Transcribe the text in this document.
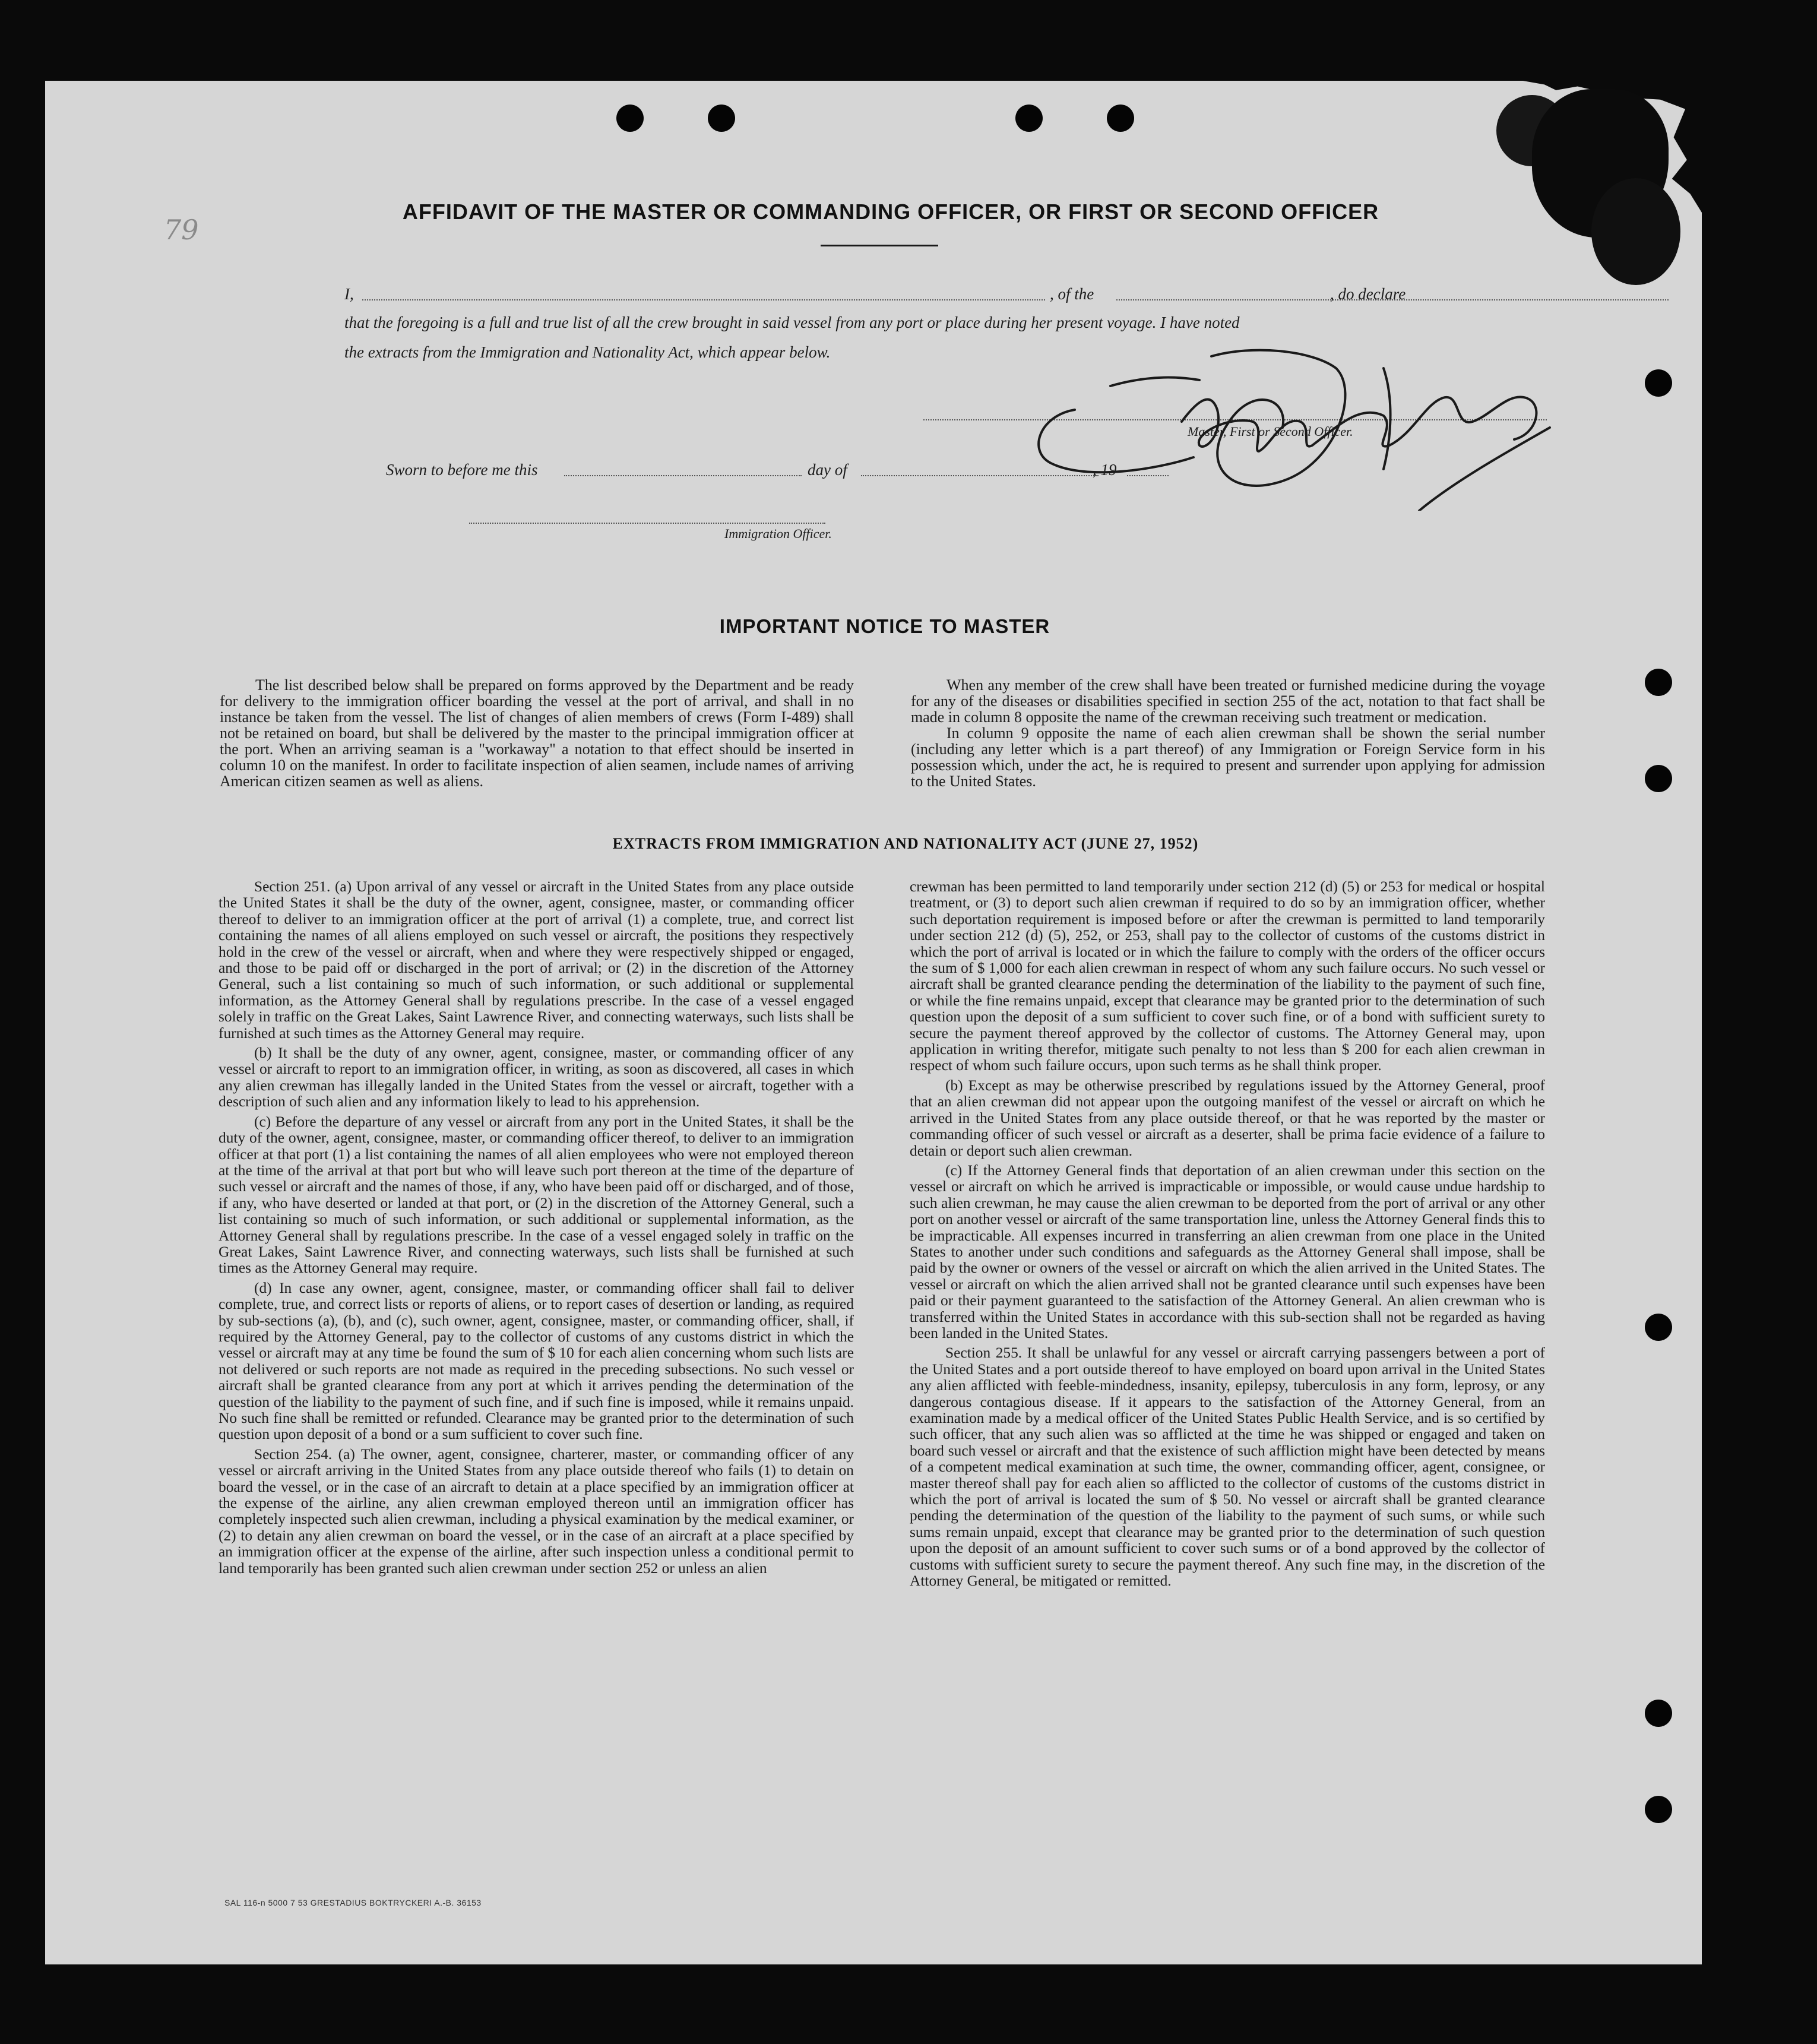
79
AFFIDAVIT OF THE MASTER OR COMMANDING OFFICER, OR FIRST OR SECOND OFFICER
I,	, of the	, do declare
that the foregoing is a full and true list of all the crew brought in said vessel from any port or place during her present voyage. I have noted
the extracts from the Immigration and Nationality Act, which appear below.
Master, First or Second Officer.
Sworn to before me this	day of	, 19
Immigration Officer.
IMPORTANT NOTICE TO MASTER

The list described below shall be prepared on forms approved by the Department and be ready for delivery to the immigration officer boarding the vessel at the port of arrival, and shall in no instance be taken from the vessel. The list of changes of alien members of crews (Form I-489) shall not be retained on board, but shall be delivered by the master to the principal immigration officer at the port. When an arriving seaman is a "workaway" a notation to that effect should be inserted in column 10 on the manifest. In order to facilitate inspection of alien seamen, include names of arriving American citizen seamen as well as aliens.

When any member of the crew shall have been treated or furnished medicine during the voyage for any of the diseases or disabilities specified in section 255 of the act, notation to that fact shall be made in column 8 opposite the name of the crewman receiving such treatment or medication.

In column 9 opposite the name of each alien crewman shall be shown the serial number (including any letter which is a part thereof) of any Immigration or Foreign Service form in his possession which, under the act, he is required to present and surrender upon applying for admission to the United States.

EXTRACTS FROM IMMIGRATION AND NATIONALITY ACT (JUNE 27, 1952)

Section 251. (a) Upon arrival of any vessel or aircraft in the United States from any place outside the United States it shall be the duty of the owner, agent, consignee, master, or commanding officer thereof to deliver to an immigration officer at the port of arrival (1) a complete, true, and correct list containing the names of all aliens employed on such vessel or aircraft, the positions they respectively hold in the crew of the vessel or aircraft, when and where they were respectively shipped or engaged, and those to be paid off or discharged in the port of arrival; or (2) in the discretion of the Attorney General, such a list containing so much of such information, or such additional or supplemental information, as the Attorney General shall by regulations prescribe. In the case of a vessel engaged solely in traffic on the Great Lakes, Saint Lawrence River, and connecting waterways, such lists shall be furnished at such times as the Attorney General may require.

(b) It shall be the duty of any owner, agent, consignee, master, or commanding officer of any vessel or aircraft to report to an immigration officer, in writing, as soon as discovered, all cases in which any alien crewman has illegally landed in the United States from the vessel or aircraft, together with a description of such alien and any information likely to lead to his apprehension.

(c) Before the departure of any vessel or aircraft from any port in the United States, it shall be the duty of the owner, agent, consignee, master, or commanding officer thereof, to deliver to an immigration officer at that port (1) a list containing the names of all alien employees who were not employed thereon at the time of the arrival at that port but who will leave such port thereon at the time of the departure of such vessel or aircraft and the names of those, if any, who have been paid off or discharged, and of those, if any, who have deserted or landed at that port, or (2) in the discretion of the Attorney General, such a list containing so much of such information, or such additional or supplemental information, as the Attorney General shall by regulations prescribe. In the case of a vessel engaged solely in traffic on the Great Lakes, Saint Lawrence River, and connecting waterways, such lists shall be furnished at such times as the Attorney General may require.

(d) In case any owner, agent, consignee, master, or commanding officer shall fail to deliver complete, true, and correct lists or reports of aliens, or to report cases of desertion or landing, as required by sub-sections (a), (b), and (c), such owner, agent, consignee, master, or commanding officer, shall, if required by the Attorney General, pay to the collector of customs of any customs district in which the vessel or aircraft may at any time be found the sum of $ 10 for each alien concerning whom such lists are not delivered or such reports are not made as required in the preceding subsections. No such vessel or aircraft shall be granted clearance from any port at which it arrives pending the determination of the question of the liability to the payment of such fine, and if such fine is imposed, while it remains unpaid. No such fine shall be remitted or refunded. Clearance may be granted prior to the determination of such question upon deposit of a bond or a sum sufficient to cover such fine.

Section 254. (a) The owner, agent, consignee, charterer, master, or commanding officer of any vessel or aircraft arriving in the United States from any place outside thereof who fails (1) to detain on board the vessel, or in the case of an aircraft to detain at a place specified by an immigration officer at the expense of the airline, any alien crewman employed thereon until an immigration officer has completely inspected such alien crewman, including a physical examination by the medical examiner, or (2) to detain any alien crewman on board the vessel, or in the case of an aircraft at a place specified by an immigration officer at the expense of the airline, after such inspection unless a conditional permit to land temporarily has been granted such alien crewman under section 252 or unless an alien

crewman has been permitted to land temporarily under section 212 (d) (5) or 253 for medical or hospital treatment, or (3) to deport such alien crewman if required to do so by an immigration officer, whether such deportation requirement is imposed before or after the crewman is permitted to land temporarily under section 212 (d) (5), 252, or 253, shall pay to the collector of customs of the customs district in which the port of arrival is located or in which the failure to comply with the orders of the officer occurs the sum of $ 1,000 for each alien crewman in respect of whom any such failure occurs. No such vessel or aircraft shall be granted clearance pending the determination of the liability to the payment of such fine, or while the fine remains unpaid, except that clearance may be granted prior to the determination of such question upon the deposit of a sum sufficient to cover such fine, or of a bond with sufficient surety to secure the payment thereof approved by the collector of customs. The Attorney General may, upon application in writing therefor, mitigate such penalty to not less than $ 200 for each alien crewman in respect of whom such failure occurs, upon such terms as he shall think proper.

(b) Except as may be otherwise prescribed by regulations issued by the Attorney General, proof that an alien crewman did not appear upon the outgoing manifest of the vessel or aircraft on which he arrived in the United States from any place outside thereof, or that he was reported by the master or commanding officer of such vessel or aircraft as a deserter, shall be prima facie evidence of a failure to detain or deport such alien crewman.

(c) If the Attorney General finds that deportation of an alien crewman under this section on the vessel or aircraft on which he arrived is impracticable or impossible, or would cause undue hardship to such alien crewman, he may cause the alien crewman to be deported from the port of arrival or any other port on another vessel or aircraft of the same transportation line, unless the Attorney General finds this to be impracticable. All expenses incurred in transferring an alien crewman from one place in the United States to another under such conditions and safeguards as the Attorney General shall impose, shall be paid by the owner or owners of the vessel or aircraft on which the alien arrived in the United States. The vessel or aircraft on which the alien arrived shall not be granted clearance until such expenses have been paid or their payment guaranteed to the satisfaction of the Attorney General. An alien crewman who is transferred within the United States in accordance with this sub-section shall not be regarded as having been landed in the United States.

Section 255. It shall be unlawful for any vessel or aircraft carrying passengers between a port of the United States and a port outside thereof to have employed on board upon arrival in the United States any alien afflicted with feeble-mindedness, insanity, epilepsy, tuberculosis in any form, leprosy, or any dangerous contagious disease. If it appears to the satisfaction of the Attorney General, from an examination made by a medical officer of the United States Public Health Service, and is so certified by such officer, that any such alien was so afflicted at the time he was shipped or engaged and taken on board such vessel or aircraft and that the existence of such affliction might have been detected by means of a competent medical examination at such time, the owner, commanding officer, agent, consignee, or master thereof shall pay for each alien so afflicted to the collector of customs of the customs district in which the port of arrival is located the sum of $ 50. No vessel or aircraft shall be granted clearance pending the determination of the question of the liability to the payment of such sums, or while such sums remain unpaid, except that clearance may be granted prior to the determination of such question upon the deposit of an amount sufficient to cover such sums or of a bond approved by the collector of customs with sufficient surety to secure the payment thereof. Any such fine may, in the discretion of the Attorney General, be mitigated or remitted.

SAL 116-n 5000 7 53 GRESTADIUS BOKTRYCKERI A.-B. 36153
